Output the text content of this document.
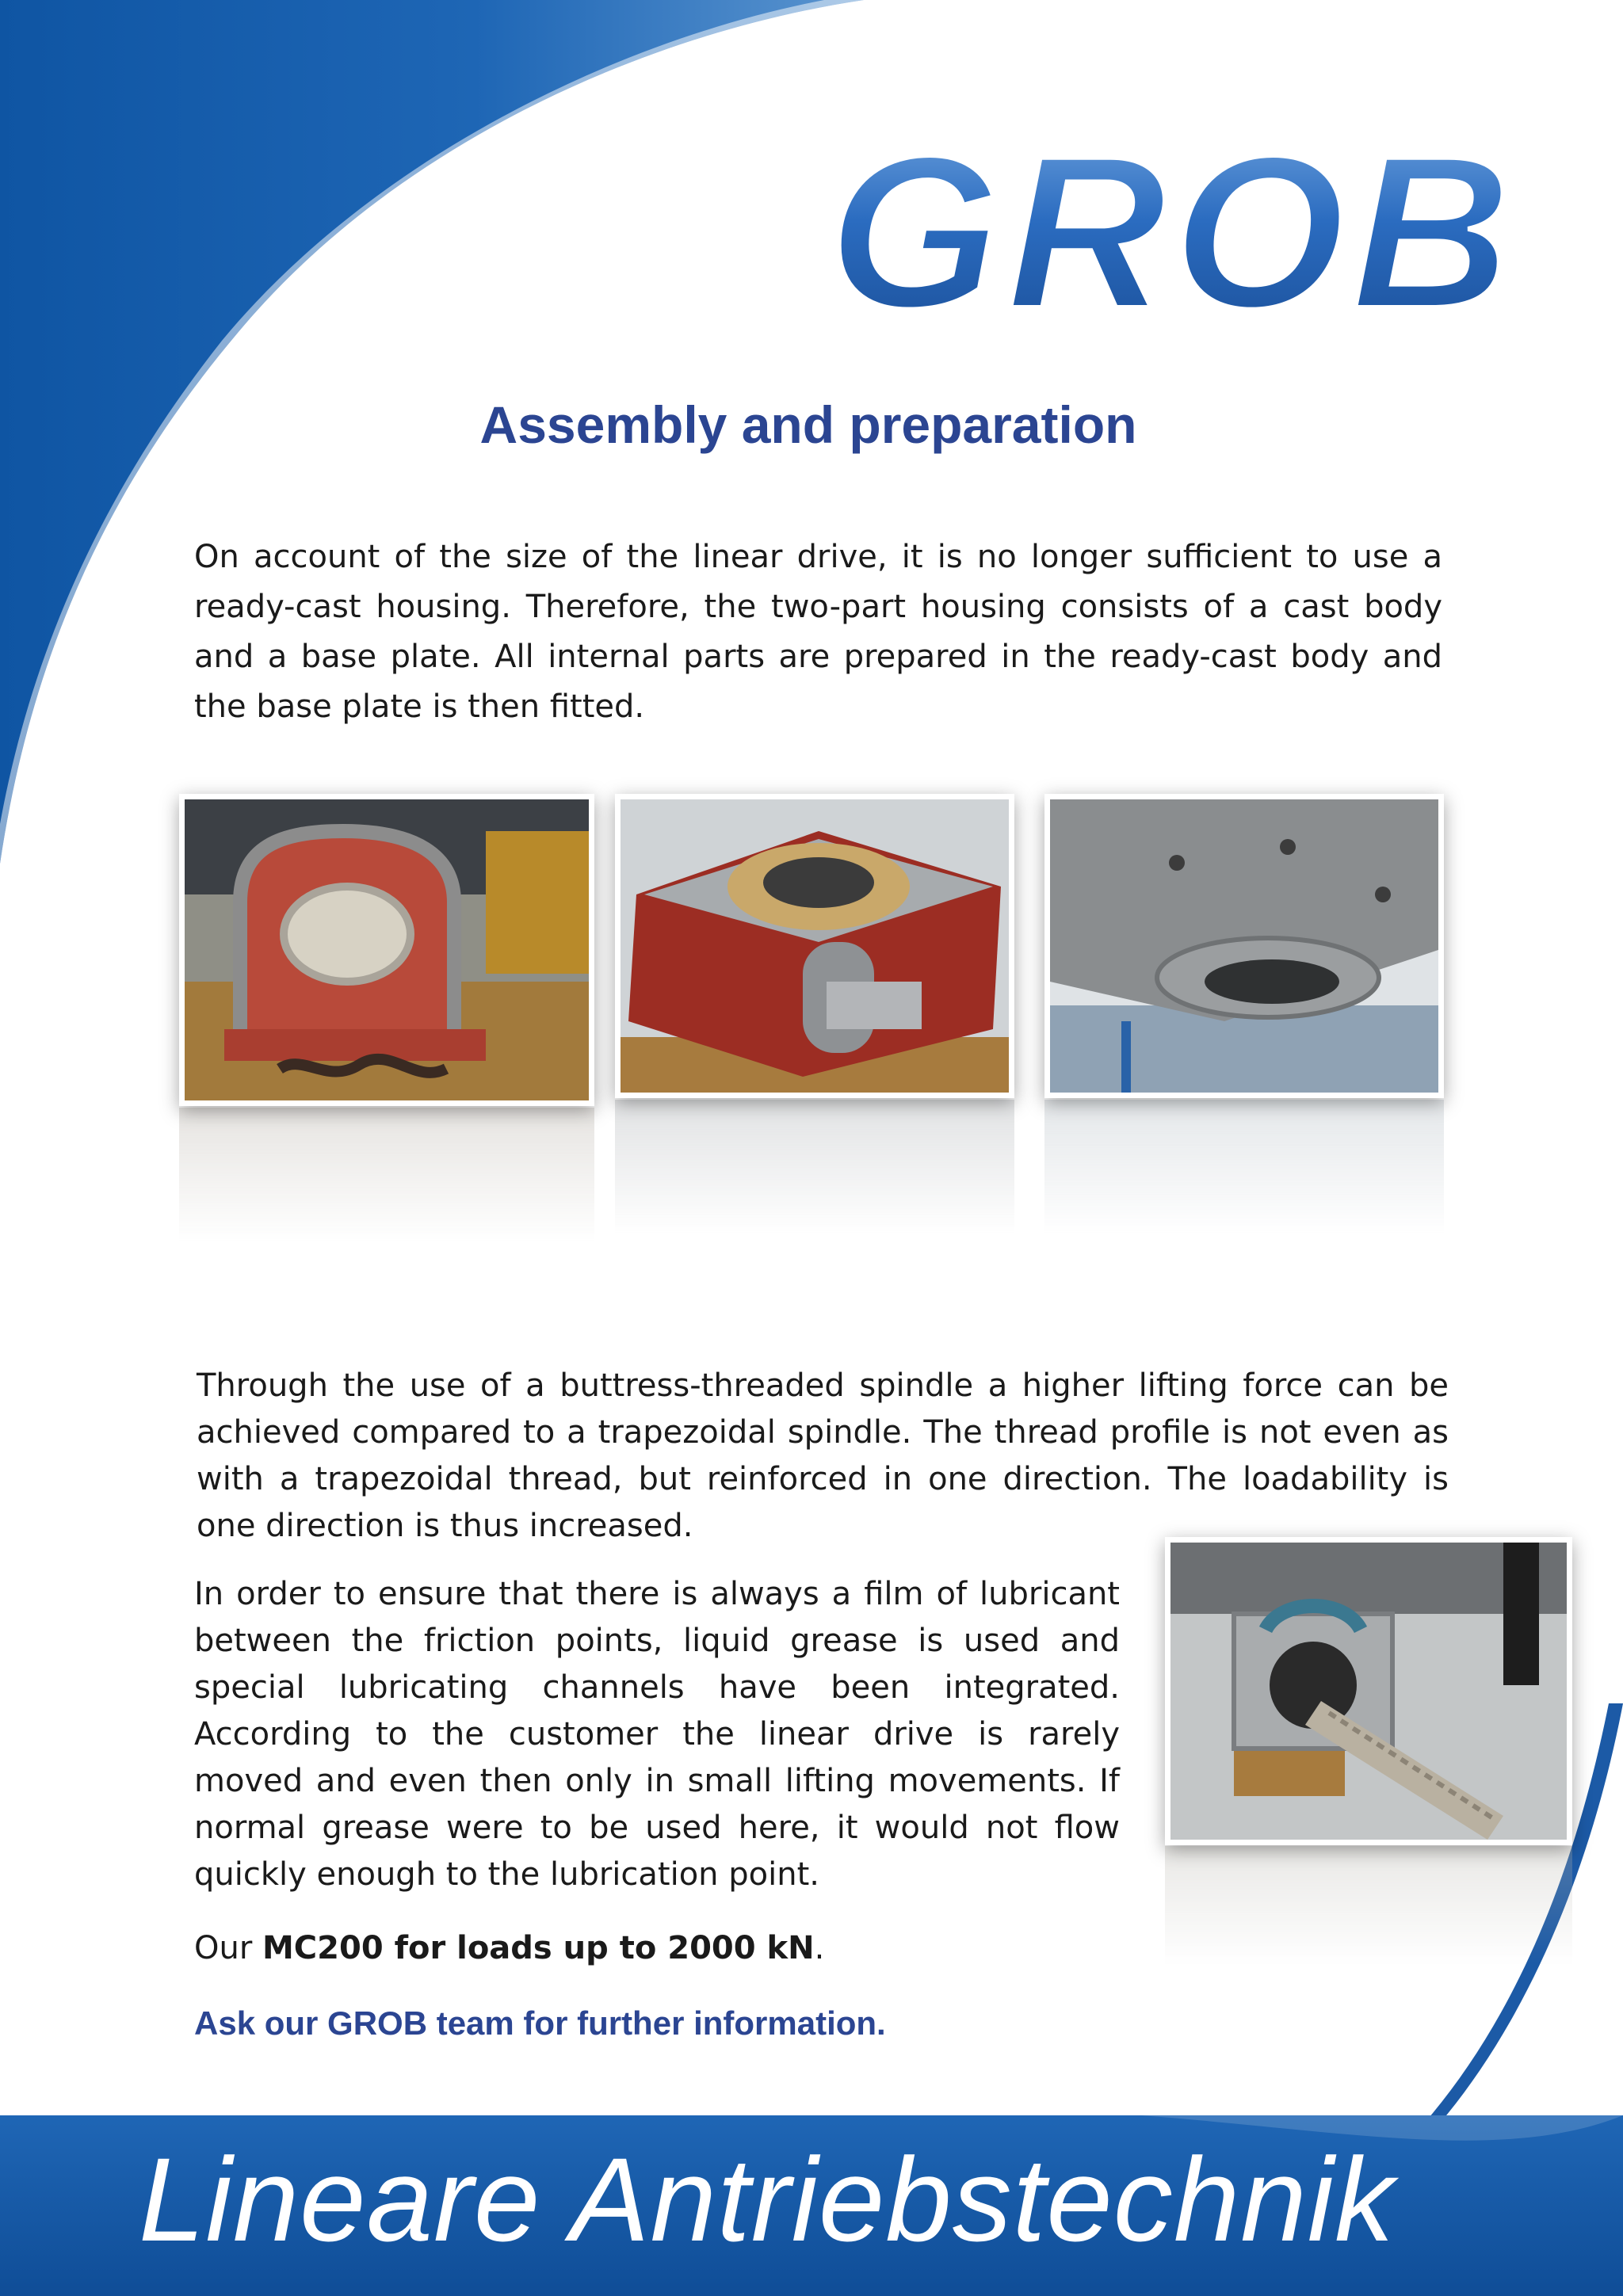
GROB
Assembly and preparation

On account of the size of the linear drive, it is no longer sufficient to use a ready-cast housing. Therefore, the two-part housing consists of a cast body and a base plate. All internal parts are prepared in the ready-cast body and the base plate is then fitted.

Through the use of a buttress-threaded spindle a higher lifting force can be achieved compared to a trapezoidal spindle. The thread profile is not even as with a trapezoidal thread, but reinforced in one direction. The loadability is one direction is thus increased.

In order to ensure that there is always a film of lubricant between the friction points, liquid grease is used and special lubricating channels have been integrated. According to the customer the linear drive is rarely moved and even then only in small lifting movements. If normal grease were to be used here, it would not flow quickly enough to the lubrication point.

Our MC200 for loads up to 2000 kN.

Ask our GROB team for further information.
Lineare Antriebstechnik
